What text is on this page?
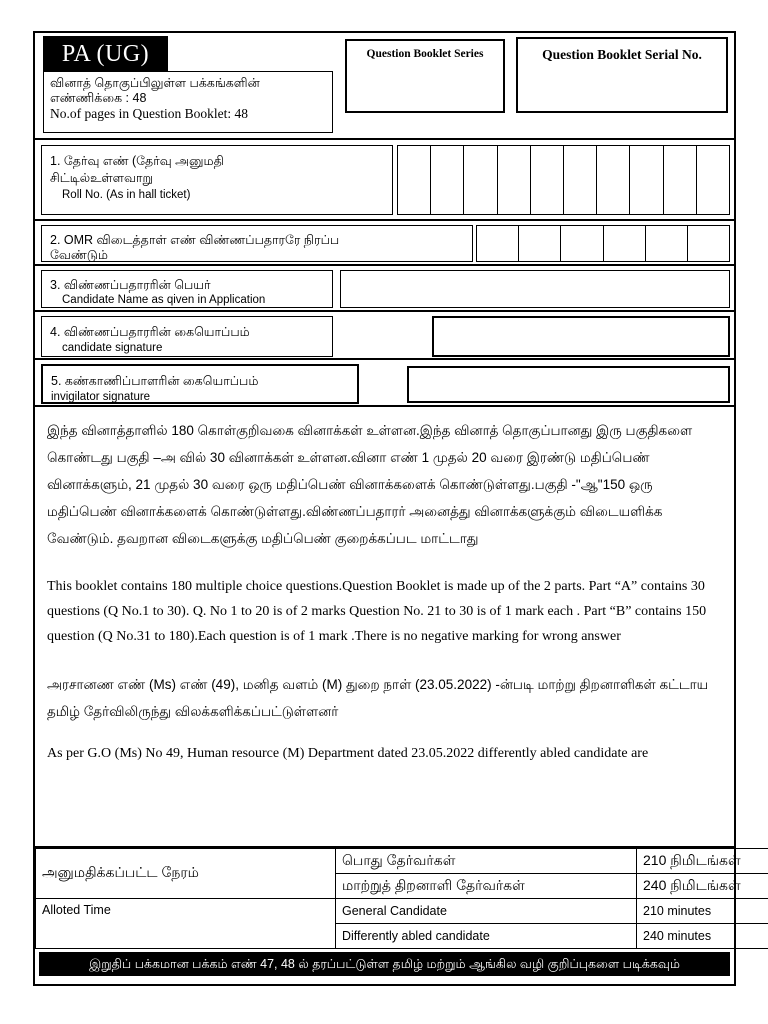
PA (UG)
வினாத் தொகுப்பிலுள்ள பக்கங்களின்
எண்ணிக்கை : 48
No.of pages in Question Booklet: 48
Question Booklet Series	Question Booklet Serial No.
1. தேர்வு எண் (தேர்வு அனுமதி
சிட்டில்உள்ளவாறு
Roll No. (As in hall ticket)
2. OMR விடைத்தாள் எண் விண்ணப்பதாரரே நிரப்ப
வேண்டும்
3. விண்ணப்பதாரரின் பெயர்
Candidate Name as qiven in Application
4. விண்ணப்பதாரரின் கையொப்பம்
candidate signature
5. கண்காணிப்பாளரின் கையொப்பம்
invigilator signature

இந்த வினாத்தாளில் 180 கொள்குறிவகை வினாக்கள் உள்ளன.இந்த வினாத் தொகுப்பானது இரு பகுதிகளை கொண்டது பகுதி –அ வில் 30 வினாக்கள் உள்ளன.வினா எண் 1 முதல் 20 வரை இரண்டு மதிப்பெண் வினாக்களும், 21 முதல் 30 வரை ஒரு மதிப்பெண் வினாக்களைக் கொண்டுள்ளது.பகுதி -"ஆ"150 ஒரு மதிப்பெண் வினாக்களைக் கொண்டுள்ளது.விண்ணப்பதாரர் அனைத்து வினாக்களுக்கும் விடையளிக்க வேண்டும். தவறான விடைகளுக்கு மதிப்பெண் குறைக்கப்பட மாட்டாது

This booklet contains 180 multiple choice questions.Question Booklet is made up of the 2 parts. Part “A” contains 30 questions (Q No.1 to 30). Q. No 1 to 20 is of 2 marks Question No. 21 to 30 is of 1 mark each . Part “B” contains 150 question (Q No.31 to 180).Each question is of 1 mark .There is no negative marking for wrong answer

அரசானண எண் (Ms) எண் (49), மனித வளம் (M) துறை நாள் (23.05.2022) -ன்படி மாற்று திறனாளிகள் கட்டாய தமிழ் தேர்விலிருந்து விலக்களிக்கப்பட்டுள்ளனர்

As per G.O (Ms) No 49, Human resource (M) Department dated 23.05.2022 differently abled candidate are

அனுமதிக்கப்பட்ட நேரம்	பொது தேர்வர்கள்	210 நிமிடங்கள்
	மாற்றுத் திறனாளி தேர்வர்கள்	240 நிமிடங்கள்
Alloted Time	General Candidate	210 minutes
	Differently abled candidate	240 minutes
இறுதிப் பக்கமான பக்கம் எண் 47, 48 ல் தரப்பட்டுள்ள தமிழ் மற்றும் ஆங்கில வழி குறிப்புகளை படிக்கவும்
